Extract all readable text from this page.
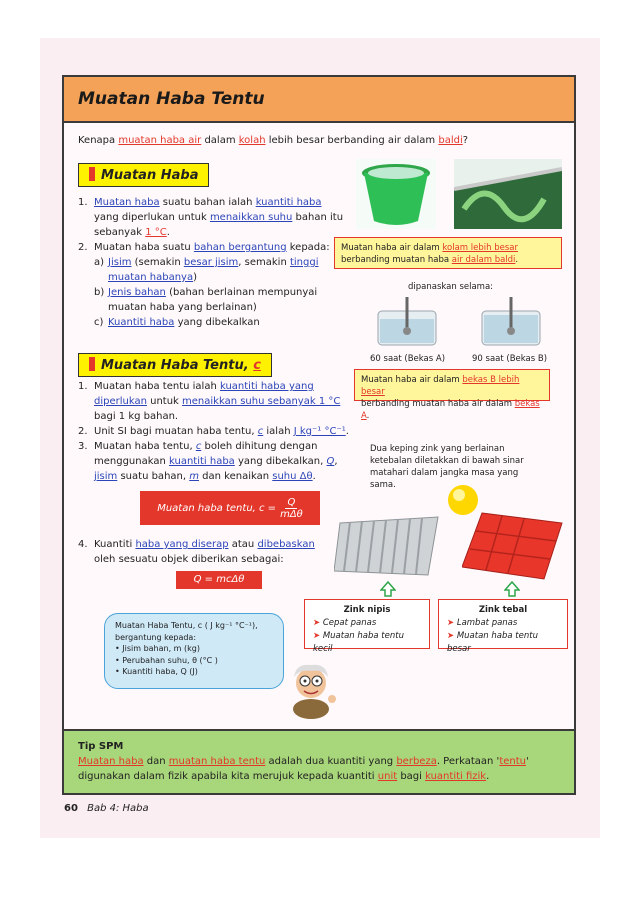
Muatan Haba Tentu
Kenapa muatan haba air dalam kolah lebih besar berbanding air dalam baldi?
Muatan Haba
1. Muatan haba suatu bahan ialah kuantiti haba
yang diperlukan untuk menaikkan suhu bahan itu
sebanyak 1 °C.
2. Muatan haba suatu bahan bergantung kepada:
a) Jisim (semakin besar jisim, semakin tinggi
muatan habanya)
b) Jenis bahan (bahan berlainan mempunyai
muatan haba yang berlainan)
c) Kuantiti haba yang dibekalkan
Muatan haba air dalam kolam lebih besar
berbanding muatan haba air dalam baldi.
dipanaskan selama:
60 saat (Bekas A)	90 saat (Bekas B)
Muatan haba air dalam bekas B lebih besar
berbanding muatan haba air dalam bekas A.
Muatan Haba Tentu, c
1. Muatan haba tentu ialah kuantiti haba yang
diperlukan untuk menaikkan suhu sebanyak 1 °C
bagi 1 kg bahan.
2. Unit SI bagi muatan haba tentu, c ialah J kg⁻¹ °C⁻¹.
3. Muatan haba tentu, c boleh dihitung dengan
menggunakan kuantiti haba yang dibekalkan, Q,
jisim suatu bahan, m dan kenaikan suhu Δθ.
Muatan haba tentu, c =
Q
mΔθ
4. Kuantiti haba yang diserap atau dibebaskan
oleh sesuatu objek diberikan sebagai:
Q = mcΔθ
Dua keping zink yang berlainan ketebalan diletakkan di bawah sinar matahari dalam jangka masa yang sama.
Zink nipis
➤ Cepat panas
➤ Muatan haba tentu kecil
Zink tebal
➤ Lambat panas
➤ Muatan haba tentu besar
Muatan Haba Tentu, c ( J kg⁻¹ °C⁻¹),
bergantung kepada:
• Jisim bahan, m (kg)
• Perubahan suhu, θ (°C )
• Kuantiti haba, Q (J)
Tip SPM
Muatan haba dan muatan haba tentu adalah dua kuantiti yang berbeza. Perkataan 'tentu'
digunakan dalam fizik apabila kita merujuk kepada kuantiti unit bagi kuantiti fizik.
60 Bab 4: Haba
